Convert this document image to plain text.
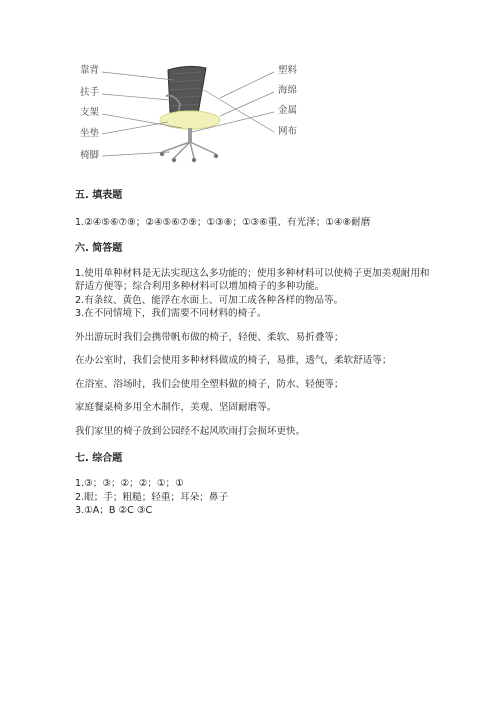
靠背
扶手
支架
坐垫
椅脚
塑料
海绵
金属
网布
五. 填表题

1.②④⑤⑥⑦⑨；②④⑤⑥⑦⑨；①③⑧；①③⑥重、有光泽；①④⑧耐磨

六. 简答题

1.使用单种材料是无法实现这么多功能的；使用多种材料可以使椅子更加美观耐用和舒适方便等；综合利用多种材料可以增加椅子的多种功能。

2.有条纹、黄色、能浮在水面上、可加工成各种各样的物品等。

3.在不同情境下，我们需要不同材料的椅子。

外出游玩时我们会携带帆布做的椅子，轻便、柔软、易折叠等；

在办公室时，我们会使用多种材料做成的椅子，易推，透气，柔软舒适等；

在浴室、浴场时，我们会使用全塑料做的椅子，防水、轻便等；

家庭餐桌椅多用全木制作，美观、坚固耐磨等。

我们家里的椅子放到公园经不起风吹雨打会损坏更快。

七. 综合题

1.③；③；②；②；①；①

2.眼；手；粗糙；轻重；耳朵；鼻子

3.①A；B ②C ③C
